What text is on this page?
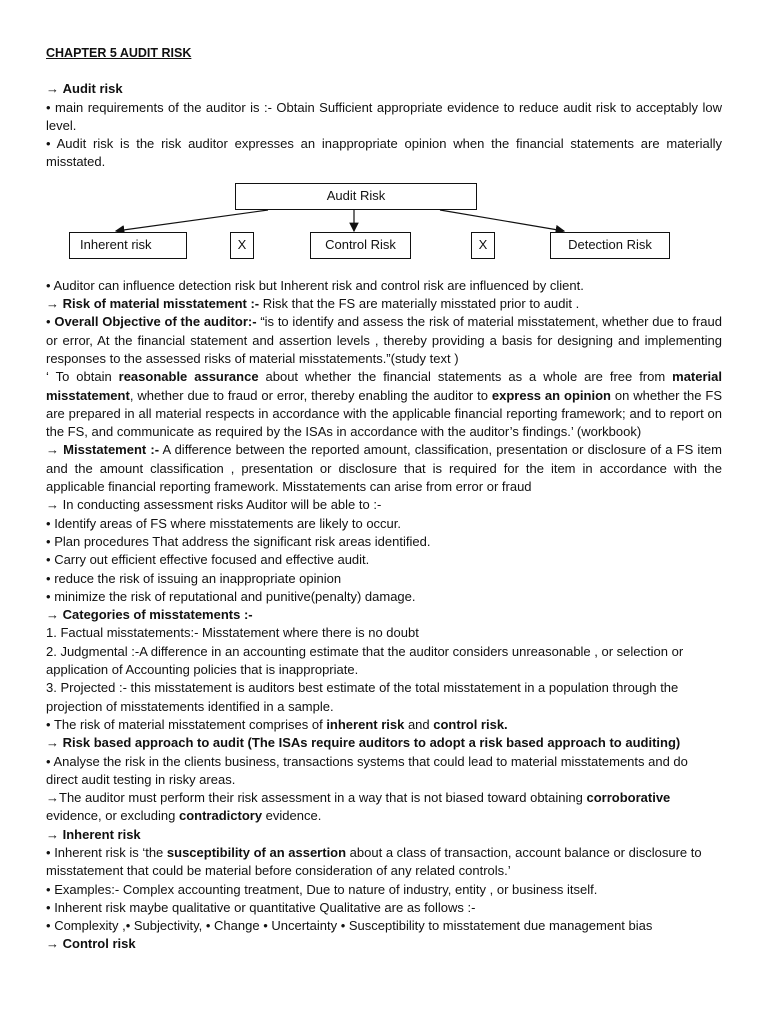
CHAPTER 5 AUDIT RISK

→ Audit risk

• main requirements of the auditor is :- Obtain Sufficient appropriate evidence to reduce audit risk to acceptably low level.

• Audit risk is the risk auditor expresses an inappropriate opinion when the financial statements are materially misstated.

Audit Risk
Inherent risk	X	Control Risk	X	Detection Risk

• Auditor can influence detection risk but Inherent risk and control risk are influenced by client.

→ Risk of material misstatement :- Risk that the FS are materially misstated prior to audit .

• Overall Objective of the auditor:- “is to identify and assess the risk of material misstatement, whether due to fraud or error, At the financial statement and assertion levels , thereby providing a basis for designing and implementing responses to the assessed risks of material misstatements.”(study text )

‘ To obtain reasonable assurance about whether the financial statements as a whole are free from material misstatement, whether due to fraud or error, thereby enabling the auditor to express an opinion on whether the FS are prepared in all material respects in accordance with the applicable financial reporting framework; and to report on the FS, and communicate as required by the ISAs in accordance with the auditor’s findings.’ (workbook)

→ Misstatement :- A difference between the reported amount, classification, presentation or disclosure of a FS item and the amount classification , presentation or disclosure that is required for the item in accordance with the applicable financial reporting framework. Misstatements can arise from error or fraud

→ In conducting assessment risks Auditor will be able to :-

• Identify areas of FS where misstatements are likely to occur.

• Plan procedures That address the significant risk areas identified.

• Carry out efficient effective focused and effective audit.

• reduce the risk of issuing an inappropriate opinion

• minimize the risk of reputational and punitive(penalty) damage.

→ Categories of misstatements :-

1. Factual misstatements:- Misstatement where there is no doubt

2. Judgmental :-A difference in an accounting estimate that the auditor considers unreasonable , or selection or application of Accounting policies that is inappropriate.

3. Projected :- this misstatement is auditors best estimate of the total misstatement in a population through the projection of misstatements identified in a sample.

• The risk of material misstatement comprises of inherent risk and control risk.

→ Risk based approach to audit (The ISAs require auditors to adopt a risk based approach to auditing)

• Analyse the risk in the clients business, transactions systems that could lead to material misstatements and do direct audit testing in risky areas.

→The auditor must perform their risk assessment in a way that is not biased toward obtaining corroborative evidence, or excluding contradictory evidence.

→ Inherent risk

• Inherent risk is ‘the susceptibility of an assertion about a class of transaction, account balance or disclosure to misstatement that could be material before consideration of any related controls.’

• Examples:- Complex accounting treatment, Due to nature of industry, entity , or business itself.

• Inherent risk maybe qualitative or quantitative Qualitative are as follows :-

• Complexity ,• Subjectivity, • Change • Uncertainty • Susceptibility to misstatement due management bias

→ Control risk
